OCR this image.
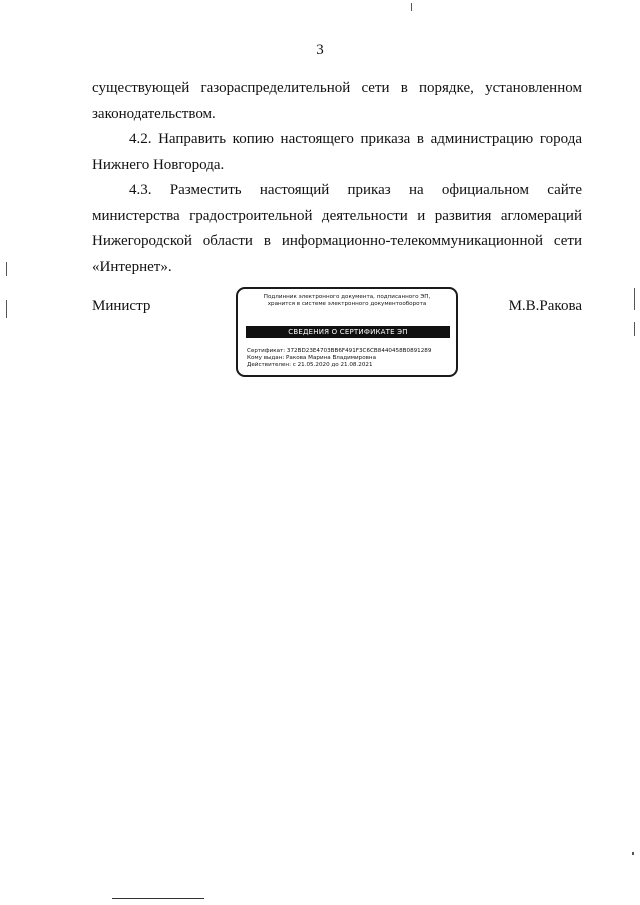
3
существующей газораспределительной сети в порядке, установленном

законодательством.

4.2. Направить копию настоящего приказа в администрацию города Нижнего Новгорода.

4.3. Разместить настоящий приказ на официальном сайте министерства градостроительной деятельности и развития агломераций Нижегородской области в информационно-телекоммуникационной сети «Интернет».

Министр
Подлинник электронного документа, подписанного ЭП,
хранится в системе электронного документооборота
СВЕДЕНИЯ О СЕРТИФИКАТЕ ЭП
Сертификат: 372BD23E4703BB6F491F3C6CB8440458B0891289
Кому выдан: Ракова Марина Владимировна
Действителен: с 21.05.2020 до 21.08.2021
М.В.Ракова
